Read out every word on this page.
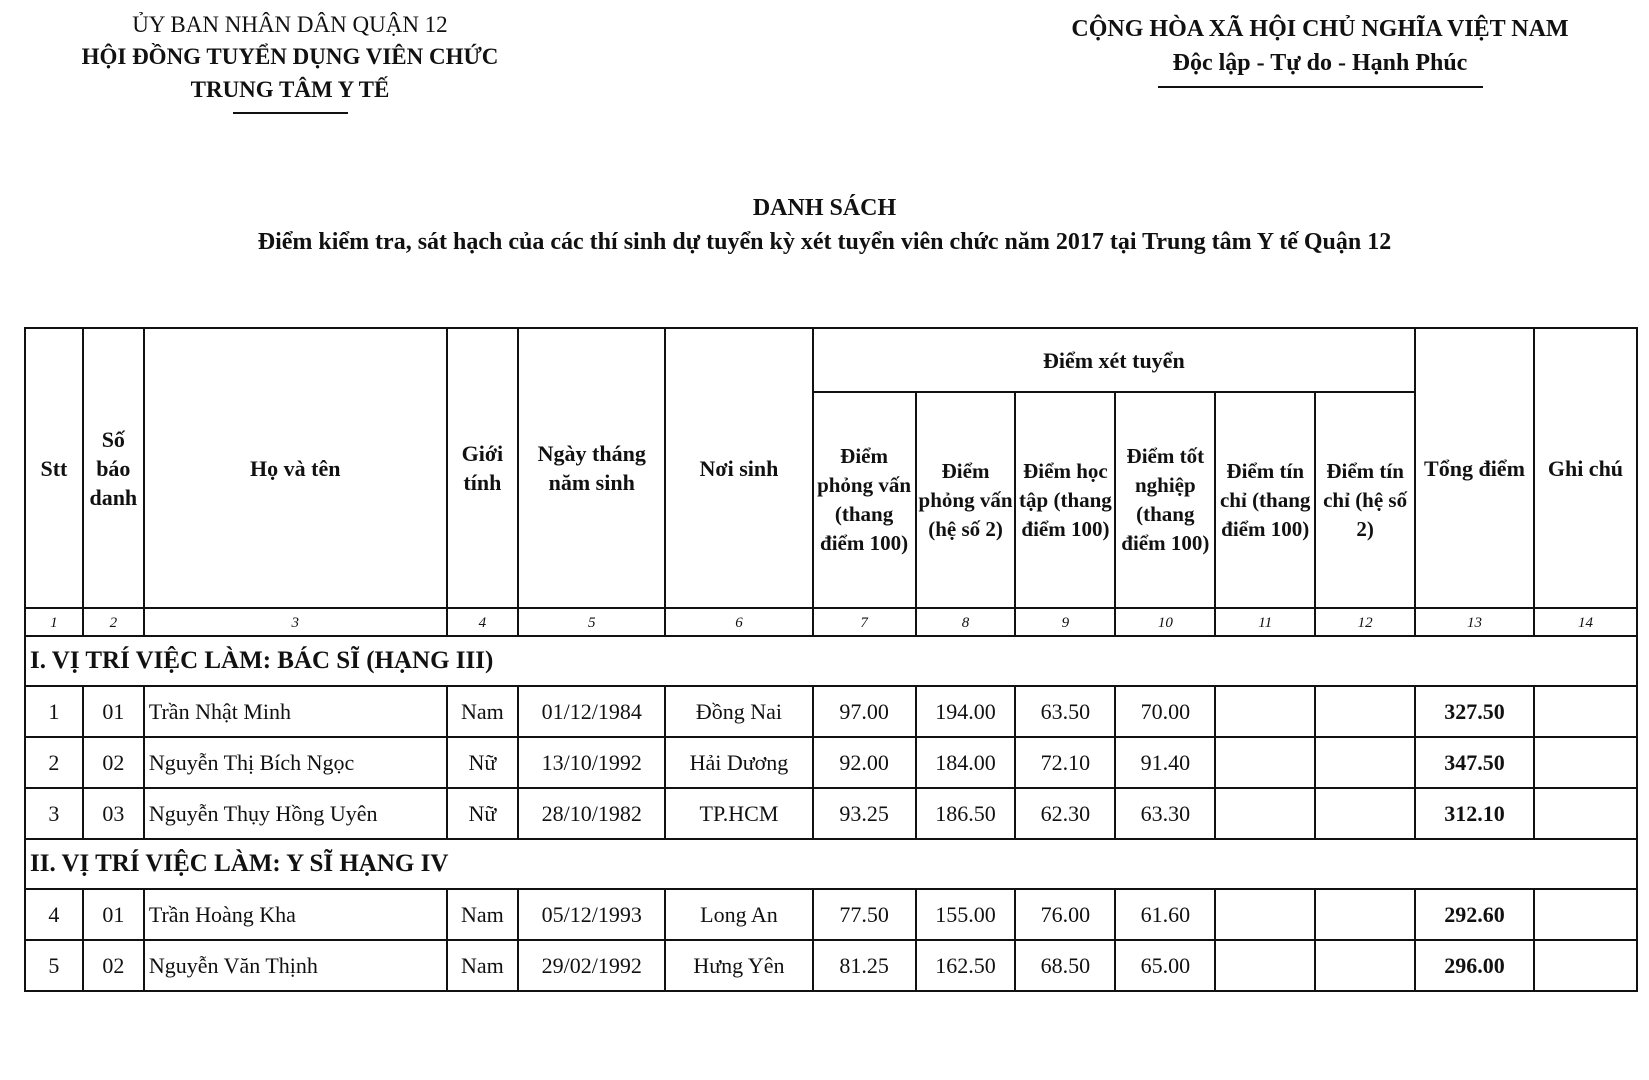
ỦY BAN NHÂN DÂN QUẬN 12
HỘI ĐỒNG TUYỂN DỤNG VIÊN CHỨC
TRUNG TÂM Y TẾ
CỘNG HÒA XÃ HỘI CHỦ NGHĨA VIỆT NAM
Độc lập - Tự do - Hạnh Phúc
DANH SÁCH
Điểm kiểm tra, sát hạch của các thí sinh dự tuyển kỳ xét tuyển viên chức năm 2017 tại Trung tâm Y tế Quận 12
Stt	Số báo danh	Họ và tên	Giới tính	Ngày tháng năm sinh	Nơi sinh	Điểm xét tuyển						Tổng điểm	Ghi chú
						Điểm phỏng vấn (thang điểm 100)	Điểm phỏng vấn (hệ số 2)	Điểm học tập (thang điểm 100)	Điểm tốt nghiệp (thang điểm 100)	Điểm tín chỉ (thang điểm 100)	Điểm tín chỉ (hệ số 2)		
1	2	3	4	5	6	7	8	9	10	11	12	13	14
I. VỊ TRÍ VIỆC LÀM: BÁC SĨ (HẠNG III)													
1	01	Trần Nhật Minh	Nam	01/12/1984	Đồng Nai	97.00	194.00	63.50	70.00			327.50	
2	02	Nguyễn Thị Bích Ngọc	Nữ	13/10/1992	Hải Dương	92.00	184.00	72.10	91.40			347.50	
3	03	Nguyễn Thụy Hồng Uyên	Nữ	28/10/1982	TP.HCM	93.25	186.50	62.30	63.30			312.10	
II. VỊ TRÍ VIỆC LÀM: Y SĨ HẠNG IV													
4	01	Trần Hoàng Kha	Nam	05/12/1993	Long An	77.50	155.00	76.00	61.60			292.60	
5	02	Nguyễn Văn Thịnh	Nam	29/02/1992	Hưng Yên	81.25	162.50	68.50	65.00			296.00	
